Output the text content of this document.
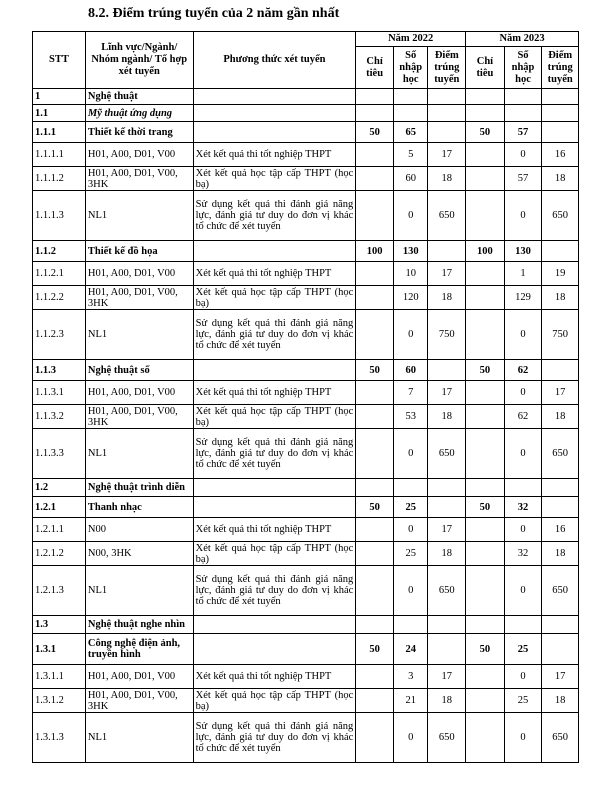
8.2. Điểm trúng tuyển của 2 năm gần nhất
STT	Lĩnh vực/Ngành/ Nhóm ngành/ Tổ hợp xét tuyển	Phương thức xét tuyển	Năm 2022			Năm 2023		
			Chỉ tiêu	Số nhập học	Điểm trúng tuyển	Chỉ tiêu	Số nhập học	Điểm trúng tuyển
1	Nghệ thuật							
1.1	Mỹ thuật ứng dụng							
1.1.1	Thiết kế thời trang		50	65		50	57	
1.1.1.1	H01, A00, D01, V00	Xét kết quả thi tốt nghiệp THPT		5	17		0	16
1.1.1.2	H01, A00, D01, V00, 3HK	Xét kết quả học tập cấp THPT (học bạ)		60	18		57	18
1.1.1.3	NL1	Sử dụng kết quả thi đánh giá năng lực, đánh giá tư duy do đơn vị khác tổ chức để xét tuyển		0	650		0	650
1.1.2	Thiết kế đồ họa		100	130		100	130	
1.1.2.1	H01, A00, D01, V00	Xét kết quả thi tốt nghiệp THPT		10	17		1	19
1.1.2.2	H01, A00, D01, V00, 3HK	Xét kết quả học tập cấp THPT (học bạ)		120	18		129	18
1.1.2.3	NL1	Sử dụng kết quả thi đánh giá năng lực, đánh giá tư duy do đơn vị khác tổ chức để xét tuyển		0	750		0	750
1.1.3	Nghệ thuật số		50	60		50	62	
1.1.3.1	H01, A00, D01, V00	Xét kết quả thi tốt nghiệp THPT		7	17		0	17
1.1.3.2	H01, A00, D01, V00, 3HK	Xét kết quả học tập cấp THPT (học bạ)		53	18		62	18
1.1.3.3	NL1	Sử dụng kết quả thi đánh giá năng lực, đánh giá tư duy do đơn vị khác tổ chức để xét tuyển		0	650		0	650
1.2	Nghệ thuật trình diễn							
1.2.1	Thanh nhạc		50	25		50	32	
1.2.1.1	N00	Xét kết quả thi tốt nghiệp THPT		0	17		0	16
1.2.1.2	N00, 3HK	Xét kết quả học tập cấp THPT (học bạ)		25	18		32	18
1.2.1.3	NL1	Sử dụng kết quả thi đánh giá năng lực, đánh giá tư duy do đơn vị khác tổ chức để xét tuyển		0	650		0	650
1.3	Nghệ thuật nghe nhìn							
1.3.1	Công nghệ điện ảnh, truyền hình		50	24		50	25	
1.3.1.1	H01, A00, D01, V00	Xét kết quả thi tốt nghiệp THPT		3	17		0	17
1.3.1.2	H01, A00, D01, V00, 3HK	Xét kết quả học tập cấp THPT (học bạ)		21	18		25	18
1.3.1.3	NL1	Sử dụng kết quả thi đánh giá năng lực, đánh giá tư duy do đơn vị khác tổ chức để xét tuyển		0	650		0	650
